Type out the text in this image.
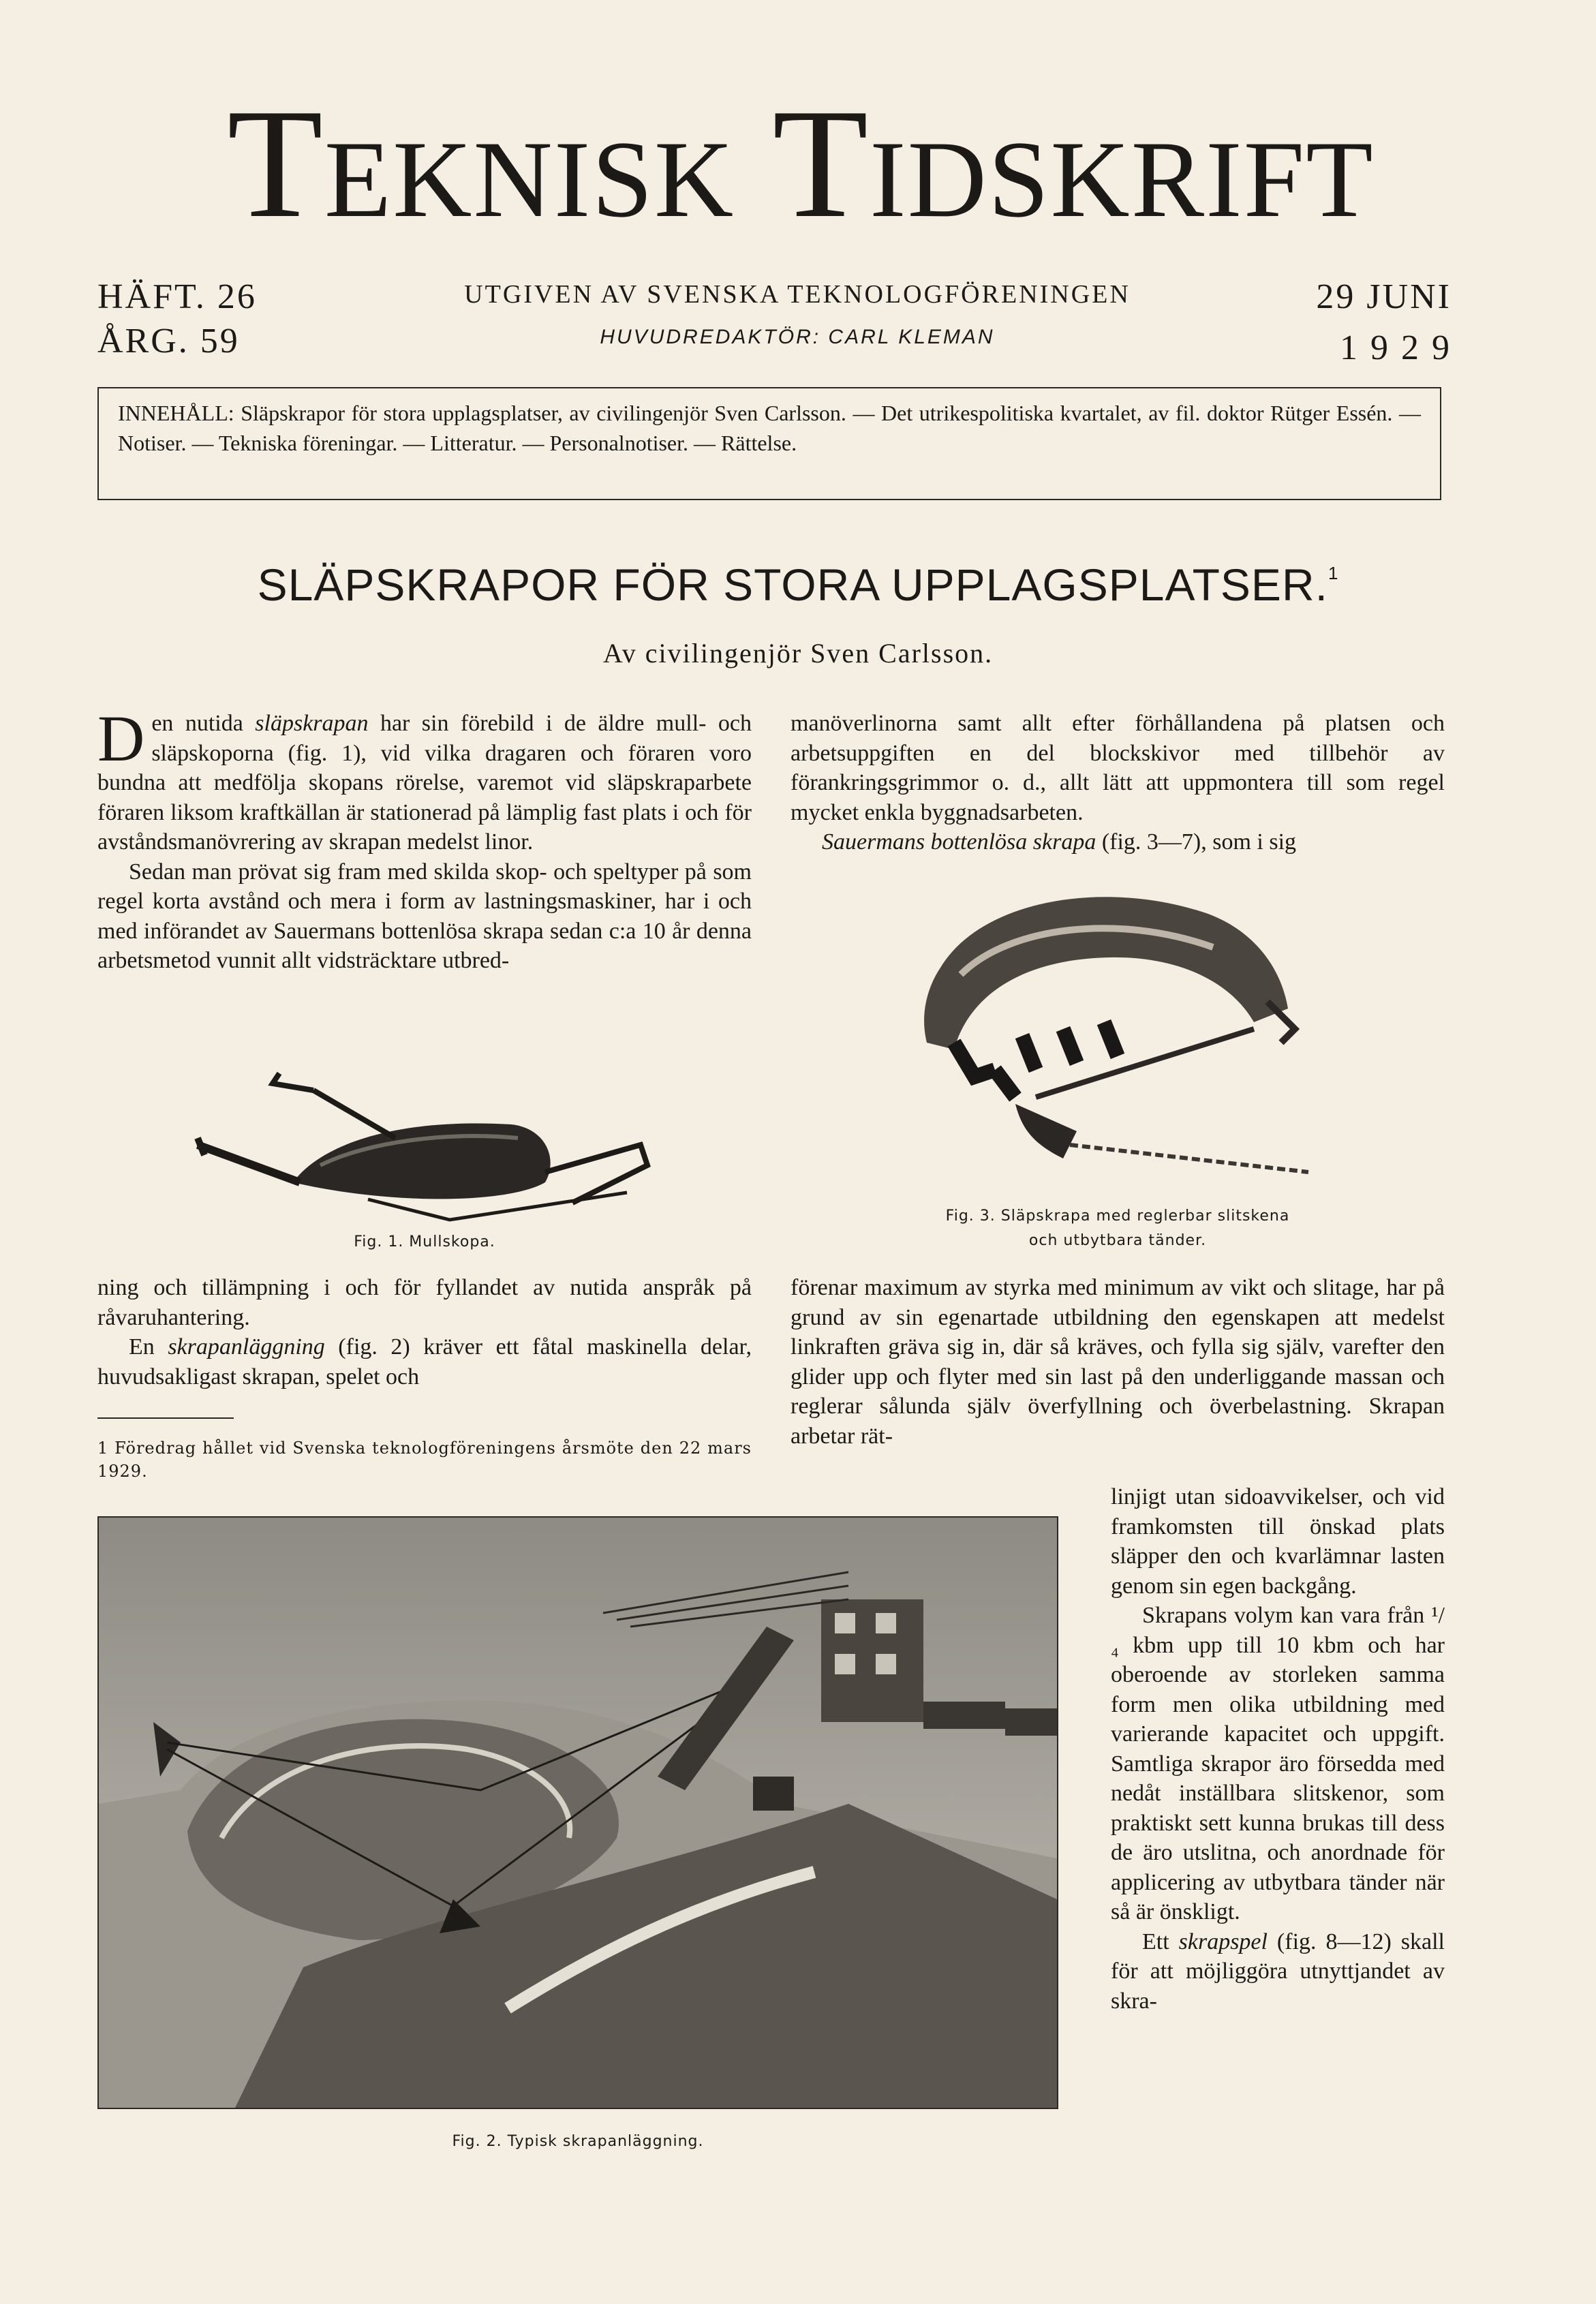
Teknisk Tidskrift
HÄFT. 26
ÅRG. 59
UTGIVEN AV SVENSKA TEKNOLOGFÖRENINGEN
HUVUDREDAKTÖR: CARL KLEMAN
29 JUNI
1 9 2 9
INNEHÅLL: Släpskrapor för stora upplagsplatser, av civilingenjör Sven Carlsson. — Det utrikespolitiska kvartalet, av fil. doktor Rütger Essén. — Notiser. — Tekniska föreningar. — Litteratur. — Personalnotiser. — Rättelse.
SLÄPSKRAPOR FÖR STORA UPPLAGSPLATSER.$^1$
Av civilingenjör Sven Carlsson.

Den nutida släpskrapan har sin förebild i de äldre mull- och släpskoporna (fig. 1), vid vilka dragaren och föraren voro bundna att medfölja skopans rörelse, varemot vid släpskraparbete föraren liksom kraftkällan är stationerad på lämplig fast plats i och för avståndsmanövrering av skrapan medelst linor.

Sedan man prövat sig fram med skilda skop- och speltyper på som regel korta avstånd och mera i form av lastningsmaskiner, har i och med införandet av Sauermans bottenlösa skrapa sedan c:a 10 år denna arbetsmetod vunnit allt vidsträcktare utbred-

Fig. 1. Mullskopa.

ning och tillämpning i och för fyllandet av nutida anspråk på råvaruhantering.

En skrapanläggning (fig. 2) kräver ett fåtal maskinella delar, huvudsakligast skrapan, spelet och

1 Föredrag hållet vid Svenska teknologföreningens årsmöte den 22 mars 1929.

manöverlinorna samt allt efter förhållandena på platsen och arbetsuppgiften en del blockskivor med tillbehör av förankringsgrimmor o. d., allt lätt att uppmontera till som regel mycket enkla byggnadsarbeten.

Sauermans bottenlösa skrapa (fig. 3—7), som i sig

Fig. 3. Släpskrapa med reglerbar slitskena
och utbytbara tänder.

förenar maximum av styrka med minimum av vikt och slitage, har på grund av sin egenartade utbildning den egenskapen att medelst linkraften gräva sig in, där så kräves, och fylla sig själv, varefter den glider upp och flyter med sin last på den underliggande massan och reglerar sålunda själv överfyllning och överbelastning. Skrapan arbetar rät-

linjigt utan sidoavvikelser, och vid framkomsten till önskad plats släpper den och kvarlämnar lasten genom sin egen backgång.

Skrapans volym kan vara från ¹/₄ kbm upp till 10 kbm och har oberoende av storleken samma form men olika utbildning med varierande kapacitet och uppgift. Samtliga skrapor äro försedda med nedåt inställbara slitskenor, som praktiskt sett kunna brukas till dess de äro utslitna, och anordnade för applicering av utbytbara tänder när så är önskligt.

Ett skrapspel (fig. 8—12) skall för att möjliggöra utnyttjandet av skra-

Fig. 2. Typisk skrapanläggning.
